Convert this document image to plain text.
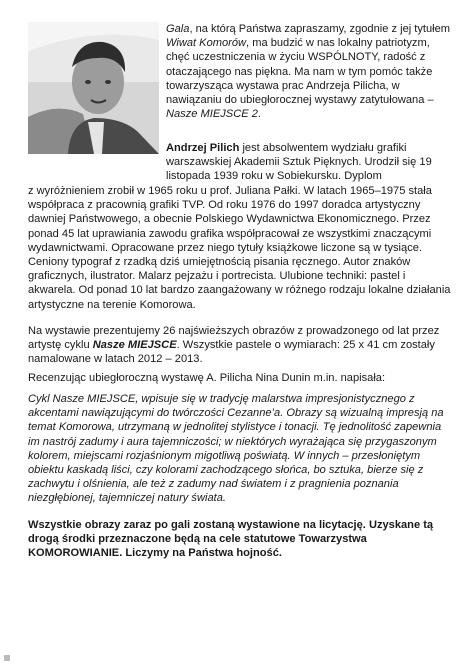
Gala, na którą Państwa zapraszamy, zgodnie z jej tytułem Wiwat Komorów, ma budzić w nas lokalny patriotyzm, chęć uczestniczenia w życiu WSPÓLNOTY, radość z otaczającego nas piękna. Ma nam w tym pomóc także towarzysząca wystawa prac Andrzeja Pilicha, w nawiązaniu do ubiegłorocznej wystawy zatytułowana – Nasze MIEJSCE 2.

Andrzej Pilich jest absolwentem wydziału grafiki warszawskiej Akademii Sztuk Pięknych. Urodził się 19 listopada 1939 roku w Sobiekursku. Dyplom

z wyróżnieniem zrobił w 1965 roku u prof. Juliana Pałki. W latach 1965–1975 stała współpraca z pracownią grafiki TVP. Od roku 1976 do 1997 doradca artystyczny dawniej Państwowego, a obecnie Polskiego Wydawnictwa Ekonomicznego. Przez ponad 45 lat uprawiania zawodu grafika współpracował ze wszystkimi znaczącymi wydawnictwami. Opracowane przez niego tytuły książkowe liczone są w tysiące. Ceniony typograf z rzadką dziś umiejętnością pisania ręcznego. Autor znaków graficznych, ilustrator. Malarz pejzażu i portrecista. Ulubione techniki: pastel i akwarela. Od ponad 10 lat bardzo zaangażowany w różnego rodzaju lokalne działania artystyczne na terenie Komorowa.

Na wystawie prezentujemy 26 najświeższych obrazów z prowadzonego od lat przez artystę cyklu Nasze MIEJSCE. Wszystkie pastele o wymiarach: 25 x 41 cm zostały namalowane w latach 2012 – 2013.

Recenzując ubiegłoroczną wystawę A. Pilicha Nina Dunin m.in. napisała:

Cykl Nasze MIEJSCE, wpisuje się w tradycję malarstwa impresjonistycznego z akcentami nawiązującymi do twórczości Cezanne’a. Obrazy są wizualną impresją na temat Komorowa, utrzymaną w jednolitej stylistyce i tonacji. Tę jednolitość zapewnia im nastrój zadumy i aura tajemniczości; w niektórych wyrażająca się przygaszonym kolorem, miejscami rozjaśnionym migotliwą poświatą. W innych – przesłoniętym obiektu kaskadą liści, czy kolorami zachodzącego słońca, bo sztuka, bierze się z zachwytu i olśnienia, ale też z zadumy nad światem i z pragnienia poznania niezgłębionej, tajemniczej natury świata.

Wszystkie obrazy zaraz po gali zostaną wystawione na licytację. Uzyskane tą drogą środki przeznaczone będą na cele statutowe Towarzystwa KOMOROWIANIE. Liczymy na Państwa hojność.
